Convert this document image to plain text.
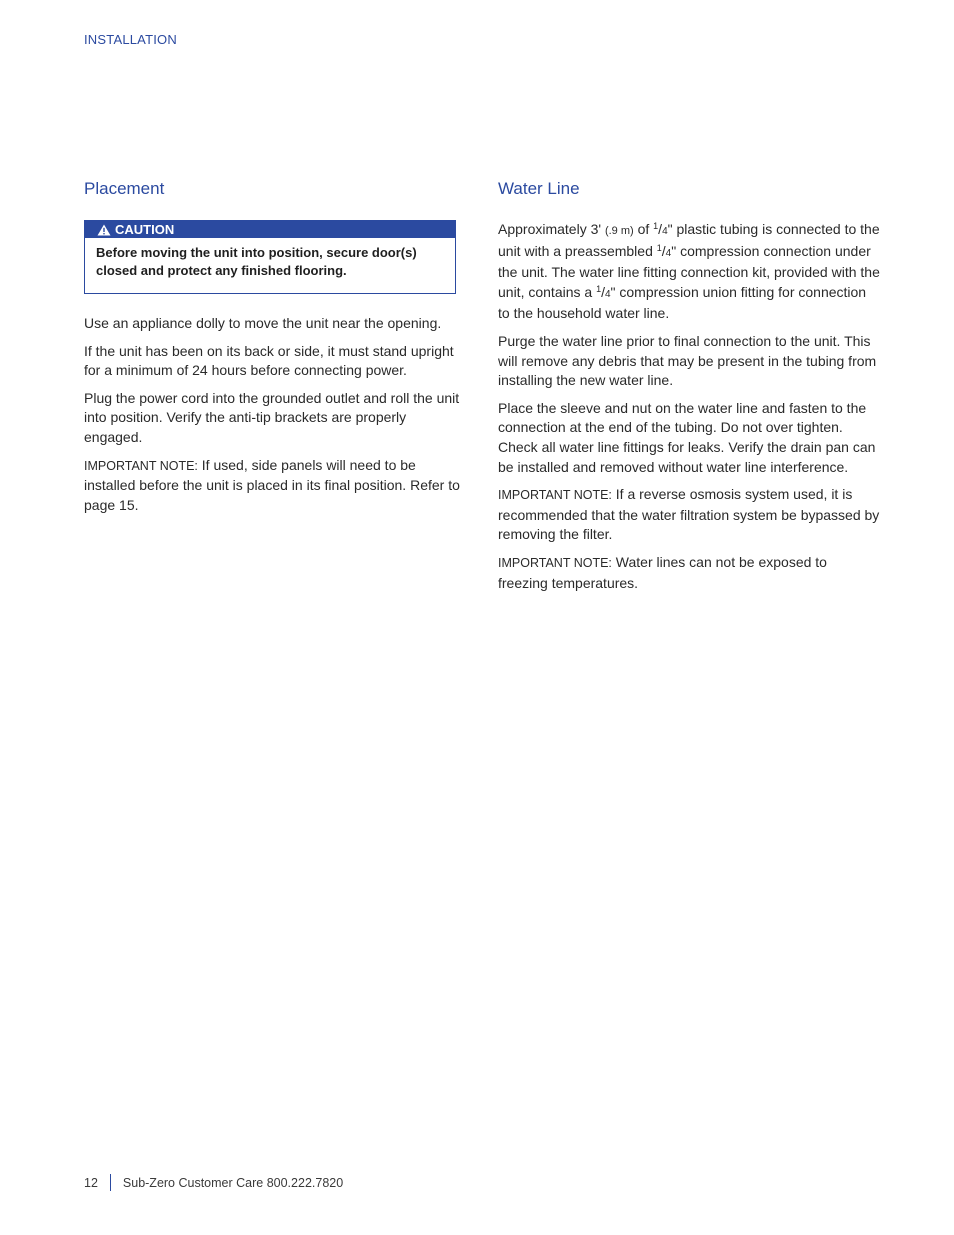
INSTALLATION
Placement
CAUTION
Before moving the unit into position, secure door(s) closed and protect any finished flooring.

Use an appliance dolly to move the unit near the opening.

If the unit has been on its back or side, it must stand upright for a minimum of 24 hours before connecting power.

Plug the power cord into the grounded outlet and roll the unit into position. Verify the anti-tip brackets are properly engaged.

IMPORTANT NOTE: If used, side panels will need to be installed before the unit is placed in its final position. Refer to page 15.

Water Line

Approximately 3' (.9 m) of $^1$/4" plastic tubing is connected to the unit with a preassembled $^1$/4" compression connection under the unit. The water line fitting connection kit, provided with the unit, contains a $^1$/4" compression union fitting for connection to the household water line.

Purge the water line prior to final connection to the unit. This will remove any debris that may be present in the tubing from installing the new water line.

Place the sleeve and nut on the water line and fasten to the connection at the end of the tubing. Do not over tighten. Check all water line fittings for leaks. Verify the drain pan can be installed and removed without water line interference.

IMPORTANT NOTE: If a reverse osmosis system used, it is recommended that the water filtration system be bypassed by removing the filter.

IMPORTANT NOTE: Water lines can not be exposed to freezing temperatures.

12 Sub-Zero Customer Care 800.222.7820
